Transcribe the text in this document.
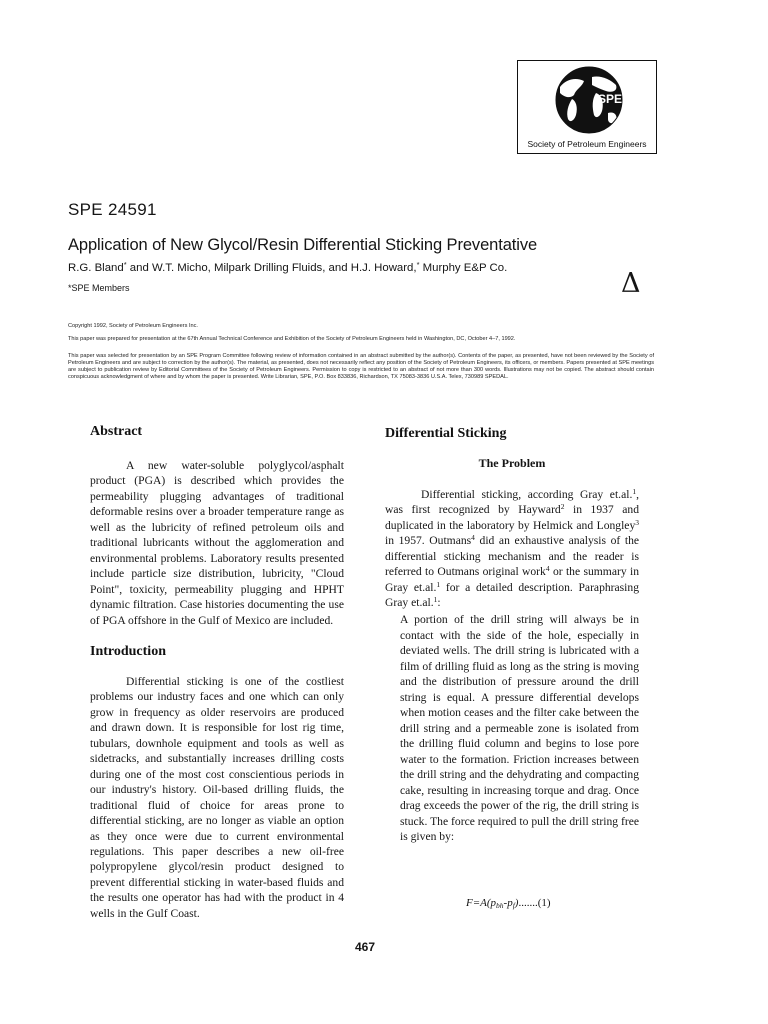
SPE
Society of Petroleum Engineers
SPE 24591
Application of New Glycol/Resin Differential Sticking Preventative
R.G. Bland* and W.T. Micho, Milpark Drilling Fluids, and H.J. Howard,* Murphy E&P Co.
*SPE Members	Δ
Copyright 1992, Society of Petroleum Engineers Inc.
This paper was prepared for presentation at the 67th Annual Technical Conference and Exhibition of the Society of Petroleum Engineers held in Washington, DC, October 4–7, 1992.
This paper was selected for presentation by an SPE Program Committee following review of information contained in an abstract submitted by the author(s). Contents of the paper, as presented, have not been reviewed by the Society of Petroleum Engineers and are subject to correction by the author(s). The material, as presented, does not necessarily reflect any position of the Society of Petroleum Engineers, its officers, or members. Papers presented at SPE meetings are subject to publication review by Editorial Committees of the Society of Petroleum Engineers. Permission to copy is restricted to an abstract of not more than 300 words. Illustrations may not be copied. The abstract should contain conspicuous acknowledgment of where and by whom the paper is presented. Write Librarian, SPE, P.O. Box 833836, Richardson, TX 75083-3836 U.S.A. Telex, 730989 SPEDAL.
Abstract

A new water-soluble polyglycol/asphalt product (PGA) is described which provides the permeability plugging advantages of traditional deformable resins over a broader temperature range as well as the lubricity of refined petroleum oils and traditional lubricants without the agglomeration and environmental problems. Laboratory results presented include particle size distribution, lubricity, "Cloud Point", toxicity, permeability plugging and HPHT dynamic filtration. Case histories documenting the use of PGA offshore in the Gulf of Mexico are included.

Introduction

Differential sticking is one of the costliest problems our industry faces and one which can only grow in frequency as older reservoirs are produced and drawn down. It is responsible for lost rig time, tubulars, downhole equipment and tools as well as sidetracks, and substantially increases drilling costs during one of the most cost conscientious periods in our industry's history. Oil-based drilling fluids, the traditional fluid of choice for areas prone to differential sticking, are no longer as viable an option as they once were due to current environmental regulations. This paper describes a new oil-free polypropylene glycol/resin product designed to prevent differential sticking in water-based fluids and the results one operator has had with the product in 4 wells in the Gulf Coast.

Differential Sticking
The Problem

Differential sticking, according Gray et.al.$^1$, was first recognized by Hayward$^2$ in 1937 and duplicated in the laboratory by Helmick and Longley$^3$ in 1957. Outmans$^4$ did an exhaustive analysis of the differential sticking mechanism and the reader is referred to Outmans original work$^4$ or the summary in Gray et.al.$^1$ for a detailed description. Paraphrasing Gray et.al.$^1$:

A portion of the drill string will always be in contact with the side of the hole, especially in deviated wells. The drill string is lubricated with a film of drilling fluid as long as the string is moving and the distribution of pressure around the drill string is equal. A pressure differential develops when motion ceases and the filter cake between the drill string and a permeable zone is isolated from the drilling fluid column and begins to lose pore water to the formation. Friction increases between the drill string and the dehydrating and compacting cake, resulting in increasing torque and drag. Once drag exceeds the power of the rig, the drill string is stuck. The force required to pull the drill string free is given by:

$F=A(p_{bh}-p_f).......(1)$
467
